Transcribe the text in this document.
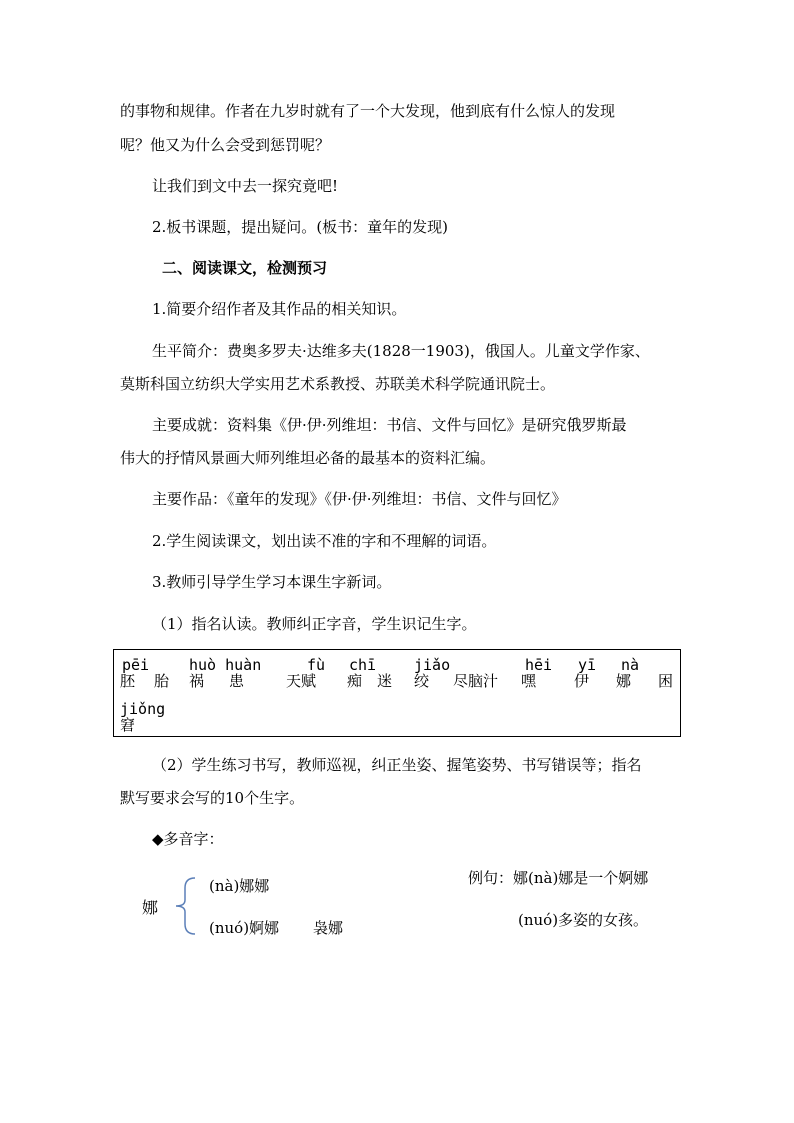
的事物和规律。作者在九岁时就有了一个大发现，他到底有什么惊人的发现
呢？他又为什么会受到惩罚呢？
让我们到文中去一探究竟吧!
2.板书课题，提出疑问。(板书：童年的发现)
二、阅读课文，检测预习
1.简要介绍作者及其作品的相关知识。
生平简介：费奥多罗夫·达维多夫(1828一1903)，俄国人。儿童文学作家、
莫斯科国立纺织大学实用艺术系教授、苏联美术科学院通讯院士。
主要成就：资料集《伊·伊·列维坦：书信、文件与回忆》是研究俄罗斯最
伟大的抒情风景画大师列维坦必备的最基本的资料汇编。
主要作品：《童年的发现》《伊·伊·列维坦：书信、文件与回忆》
2.学生阅读课文，划出读不准的字和不理解的词语。
3.教师引导学生学习本课生字新词。
（1）指名认读。教师纠正字音，学生识记生字。
pēi	huò huàn	fù chī	jiǎo	hēi yī nà
胚 胎 祸 患	天赋 痴 迷 绞 尽脑汁 嘿	伊 娜 困
jiǒng
窘
（2）学生练习书写，教师巡视，纠正坐姿、握笔姿势、书写错误等；指名
默写要求会写的10个生字。
◆多音字：
娜
(nà)娜娜
(nuó)婀娜 袅娜
例句：娜(nà)娜是一个婀娜
(nuó)多姿的女孩。
